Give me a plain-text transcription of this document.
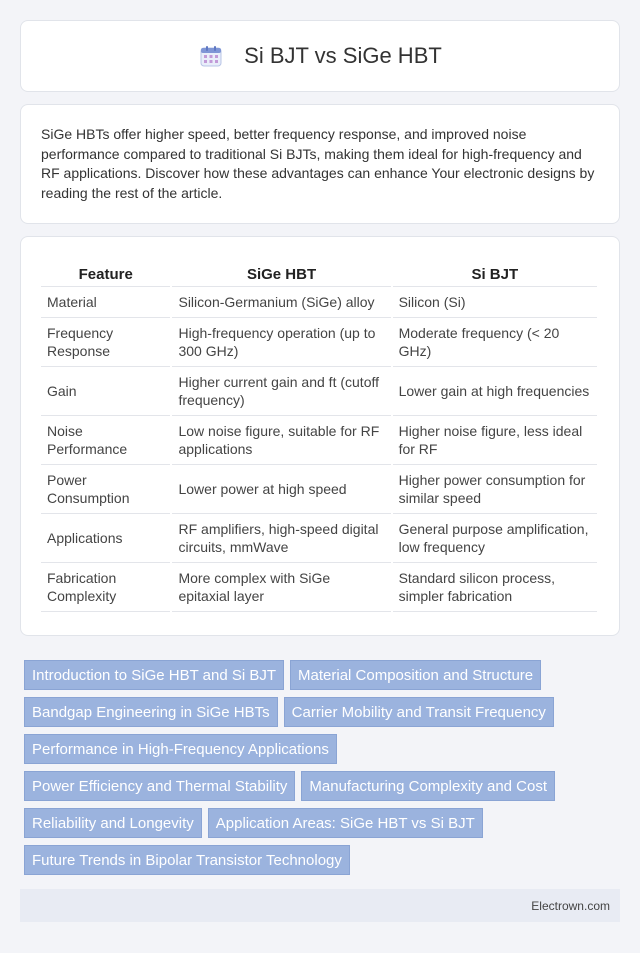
Si BJT vs SiGe HBT

SiGe HBTs offer higher speed, better frequency response, and improved noise performance compared to traditional Si BJTs, making them ideal for high-frequency and RF applications. Discover how these advantages can enhance Your electronic designs by reading the rest of the article.

Feature	SiGe HBT	Si BJT
Material	Silicon-Germanium (SiGe) alloy	Silicon (Si)
Frequency Response	High-frequency operation (up to 300 GHz)	Moderate frequency (< 20 GHz)
Gain	Higher current gain and ft (cutoff frequency)	Lower gain at high frequencies
Noise Performance	Low noise figure, suitable for RF applications	Higher noise figure, less ideal for RF
Power Consumption	Lower power at high speed	Higher power consumption for similar speed
Applications	RF amplifiers, high-speed digital circuits, mmWave	General purpose amplification, low frequency
Fabrication Complexity	More complex with SiGe epitaxial layer	Standard silicon process, simpler fabrication
Introduction to SiGe HBT and Si BJT Material Composition and StructureBandgap Engineering in SiGe HBTs Carrier Mobility and Transit FrequencyPerformance in High-Frequency ApplicationsPower Efficiency and Thermal Stability Manufacturing Complexity and CostReliability and Longevity Application Areas: SiGe HBT vs Si BJTFuture Trends in Bipolar Transistor Technology
Electrown.com
